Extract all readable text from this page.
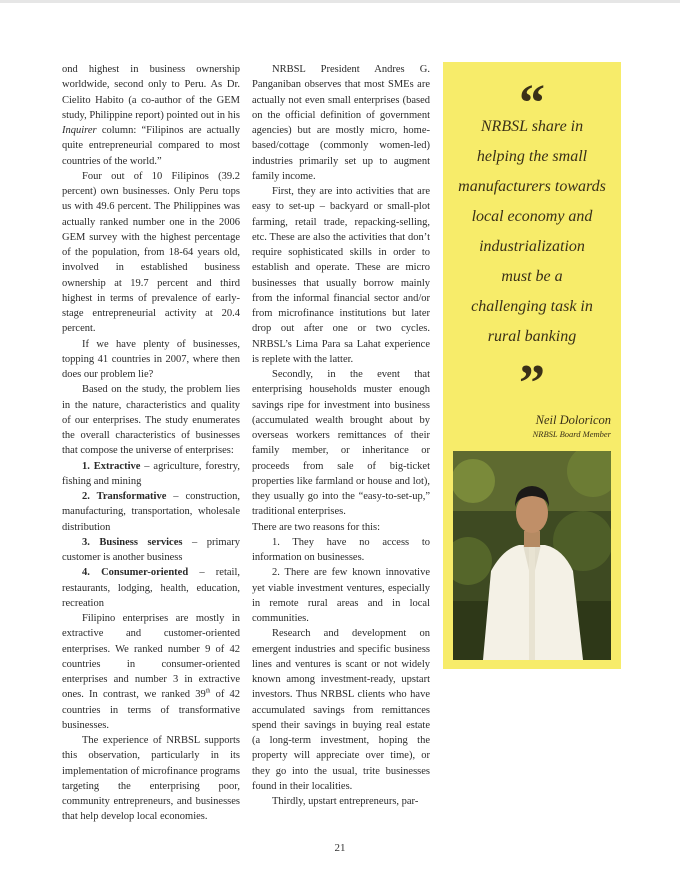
ond highest in business ownership worldwide, second only to Peru. As Dr. Cielito Habito (a co-author of the GEM study, Philippine report) pointed out in his Inquirer column: “Filipinos are actually quite entrepreneurial compared to most countries of the world.”

Four out of 10 Filipinos (39.2 percent) own businesses. Only Peru tops us with 49.6 percent. The Philippines was actually ranked number one in the 2006 GEM survey with the highest percentage of the population, from 18-64 years old, involved in established business ownership at 19.7 percent and third highest in terms of prevalence of early-stage entrepreneurial activity at 20.4 percent.

If we have plenty of businesses, topping 41 countries in 2007, where then does our problem lie?

Based on the study, the problem lies in the nature, characteristics and quality of our enterprises. The study enumerates the overall characteristics of businesses that compose the universe of enterprises:

1. Extractive – agriculture, forestry, fishing and mining

2. Transformative – construction, manufacturing, transportation, wholesale distribution

3. Business services – primary customer is another business

4. Consumer-oriented – retail, restaurants, lodging, health, education, recreation

Filipino enterprises are mostly in extractive and customer-oriented enterprises. We ranked number 9 of 42 countries in consumer-oriented enterprises and number 3 in extractive ones. In contrast, we ranked 39th of 42 countries in terms of transformative businesses.

The experience of NRBSL supports this observation, particularly in its implementation of microfinance programs targeting the enterprising poor, community entrepreneurs, and businesses that help develop local economies.

NRBSL President Andres G. Panganiban observes that most SMEs are actually not even small enterprises (based on the official definition of government agencies) but are mostly micro, home-based/cottage (commonly women-led) industries primarily set up to augment family income.

First, they are into activities that are easy to set-up – backyard or small-plot farming, retail trade, repacking-selling, etc. These are also the activities that don’t require sophisticated skills in order to establish and operate. These are micro businesses that usually borrow mainly from the informal financial sector and/or from microfinance institutions but later drop out after one or two cycles. NRBSL’s Lima Para sa Lahat experience is replete with the latter.

Secondly, in the event that enterprising households muster enough savings ripe for investment into business (accumulated wealth brought about by overseas workers remittances of their family member, or inheritance or proceeds from sale of big-ticket properties like farmland or house and lot), they usually go into the “easy-to-set-up,” traditional enterprises.

There are two reasons for this:

1. They have no access to information on businesses.

2. There are few known innovative yet viable investment ventures, especially in remote rural areas and in local communities.

Research and development on emergent industries and specific business lines and ventures is scant or not widely known among investment-ready, upstart investors. Thus NRBSL clients who have accumulated savings from remittances spend their savings in buying real estate (a long-term investment, hoping the property will appreciate over time), or they go into the usual, trite businesses found in their localities.

Thirdly, upstart entrepreneurs, par-

“
NRBSL share in
helping the small
manufacturers towards
local economy and
industrialization
must be a
challenging task in
rural banking
”
Neil Doloricon
NRBSL Board Member
21
